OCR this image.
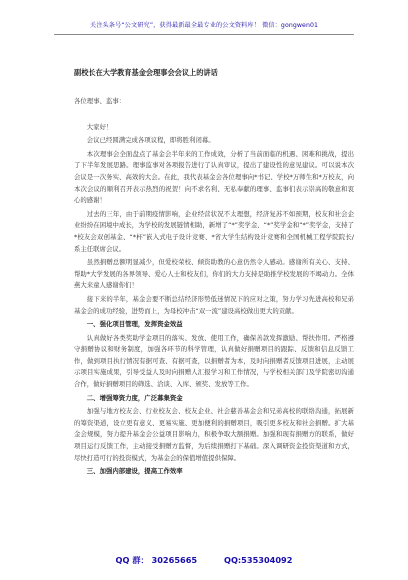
关注头条号“公文研究”，获得最新最全最专业的公文资料库！ 微信：gongwen01
副校长在大学教育基金会理事会会议上的讲话

各位理事、监事：

大家好！

会议已经圆满完成各项议程，即将胜利闭幕。

本次理事会全面盘点了基金会半年来的工作成效，分析了当前面临的机遇、困难和挑战，提出了下半年发展思路。理事监事对各项报告进行了认真审议，提出了建设性的意见建议。可以说本次会议是一次务实、高效的大会。在此，我代表基金会各位理事向*书记、学校*万师生和*万校友，向本次会议的顺利召开表示热烈的祝贺！向不求名利、无私奉献的理事、监事们表示崇高的敬意和衷心的感谢！

过去的三年，由于前期疫情影响，企业经营状况不太理想，经济复苏不如预期，校友和社会企业纷纷在困境中成长，为学校的发展链情相助，新增了“*”奖学金、“*”奖学金和“*”奖学金，支持了*校友会双创基金、“*杯”嵌入式电子设计竞赛、*省大学生结构设计竞赛和全国机械工程学院院长/系主任联席会议。

虽然捐赠总额明显减少，但爱校荣校、倾资助教的心意仍然令人感动。感谢所有关心、支持、帮助*大学发展的各界领导、爱心人士和校友们，你们的大力支持是助推学校发展的不竭动力。全体燕大来童人感谢你们！

接下来的半年，基金会要不断总结经济形势低迷情况下的应对之策，努力学习先进高校和兄弟基金会的成功经验，进势而上，为母校冲击“双一流”建设高校做出更大的贡献。

一、强化项目管理，发挥资金效益

认真做好各类奖助学金项目的落实、发放、使用工作，确保善款发挥激励、帮扶作用。严格遵守捐赠协议和财务制度，加强各环节的科学管理，认真做好捐赠项目的跟踪、反馈和信息反馈工作，做到项目执行情况有据可查、有据可查，以捐赠者为本，及时向捐赠者反馈项目进展，主动展示项目实施成果，引导受益人及时向捐赠人汇报学习和工作情况，与学校相关部门及学院密切沟通合作，做好捐赠项目的筛选、洽谈、入库、颁奖、发放等工作。

二、增强筹资力度，广泛募集资金

加强与地方校友会、行业校友会、校友企业、社会慈善基金会和兄弟高校的联络沟通，拓展新的筹资渠道，设立更有意义、更易实施、更加便利的捐赠项目，吸引更多校友和社会捐赠。扩大基金会规模，努力提升基金会公益项目影响力，积极争取大额捐赠。加强和现有捐赠方的联系，做好项目运行反馈工作，主动接受捐赠方监督，为后续捐赠打下基础。深入调研资金投资渠道和方式，尽快打造可行的投资模式，为基金会的保值增值提供保障。

三、加强内部建设，提高工作效率

QQ 群： 30265665	QQ:535304092
